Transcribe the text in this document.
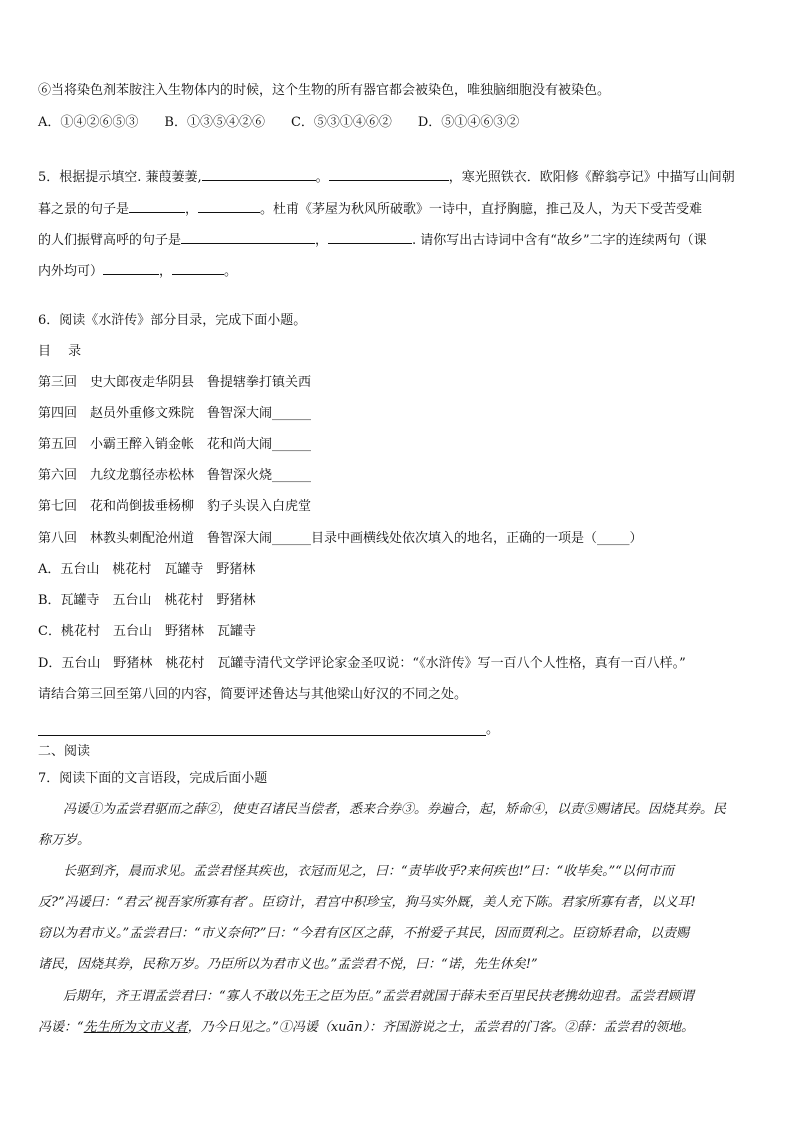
⑥当将染色剂苯胺注入生物体内的时候，这个生物的所有器官都会被染色，唯独脑细胞没有被染色。
A．①④②⑥⑤③　　B．①③⑤④②⑥　　C．⑤③①④⑥②　　D．⑤①④⑥③②
5．根据提示填空. 蒹葭萋萋,	。	，寒光照铁衣．欧阳修《醉翁亭记》中描写山间朝
暮之景的句子是	，	。杜甫《茅屋为秋风所破歌》一诗中，直抒胸臆，推己及人，为天下受苦受难
的人们振臂高呼的句子是	，	. 请你写出古诗词中含有“故乡”二字的连续两句（课
内外均可）	，	。
6．阅读《水浒传》部分目录，完成下面小题。
目　 录
第三回　史大郎夜走华阴县　鲁提辖拳打镇关西
第四回　赵员外重修文殊院　鲁智深大闹______
第五回　小霸王醉入销金帐　花和尚大闹______
第六回　九纹龙翦径赤松林　鲁智深火烧______
第七回　花和尚倒拔垂杨柳　豹子头误入白虎堂
第八回　林教头刺配沧州道　鲁智深大闹______目录中画横线处依次填入的地名，正确的一项是（_____）
A．五台山　桃花村　瓦罐寺　野猪林
B．瓦罐寺　五台山　桃花村　野猪林
C．桃花村　五台山　野猪林　瓦罐寺
D．五台山　野猪林　桃花村　瓦罐寺清代文学评论家金圣叹说：“《水浒传》写一百八个人性格，真有一百八样。”
请结合第三回至第八回的内容，简要评述鲁达与其他梁山好汉的不同之处。
。
二、阅读
7．阅读下面的文言语段，完成后面小题
冯谖①为孟尝君驱而之薛②，使吏召诸民当偿者，悉来合券③。券遍合，起，矫命④，以责⑤赐诸民。因烧其券。民
称万岁。
长驱到齐，晨而求见。孟尝君怪其疾也，衣冠而见之，曰：“责毕收乎?来何疾也!”曰：“收毕矣。”“以何市而
反?”冯谖曰：“君云‘视吾家所寡有者’。臣窃计，君宫中积珍宝，狗马实外厩，美人充下陈。君家所寡有者，以义耳!
窃以为君市义。”孟尝君曰：“市义奈何?”曰：“今君有区区之薛，不拊爱子其民，因而贾利之。臣窃矫君命，以责赐
诸民，因烧其券，民称万岁。乃臣所以为君市义也。”孟尝君不悦，曰：“诺，先生休矣!”
后期年，齐王谓孟尝君曰：“寡人不敢以先王之臣为臣。”孟尝君就国于薛未至百里民扶老携幼迎君。孟尝君顾谓
冯谖：“先生所为文市义者，乃今日见之。”①冯谖（xuān）：齐国游说之士，孟尝君的门客。②薛：孟尝君的领地。
